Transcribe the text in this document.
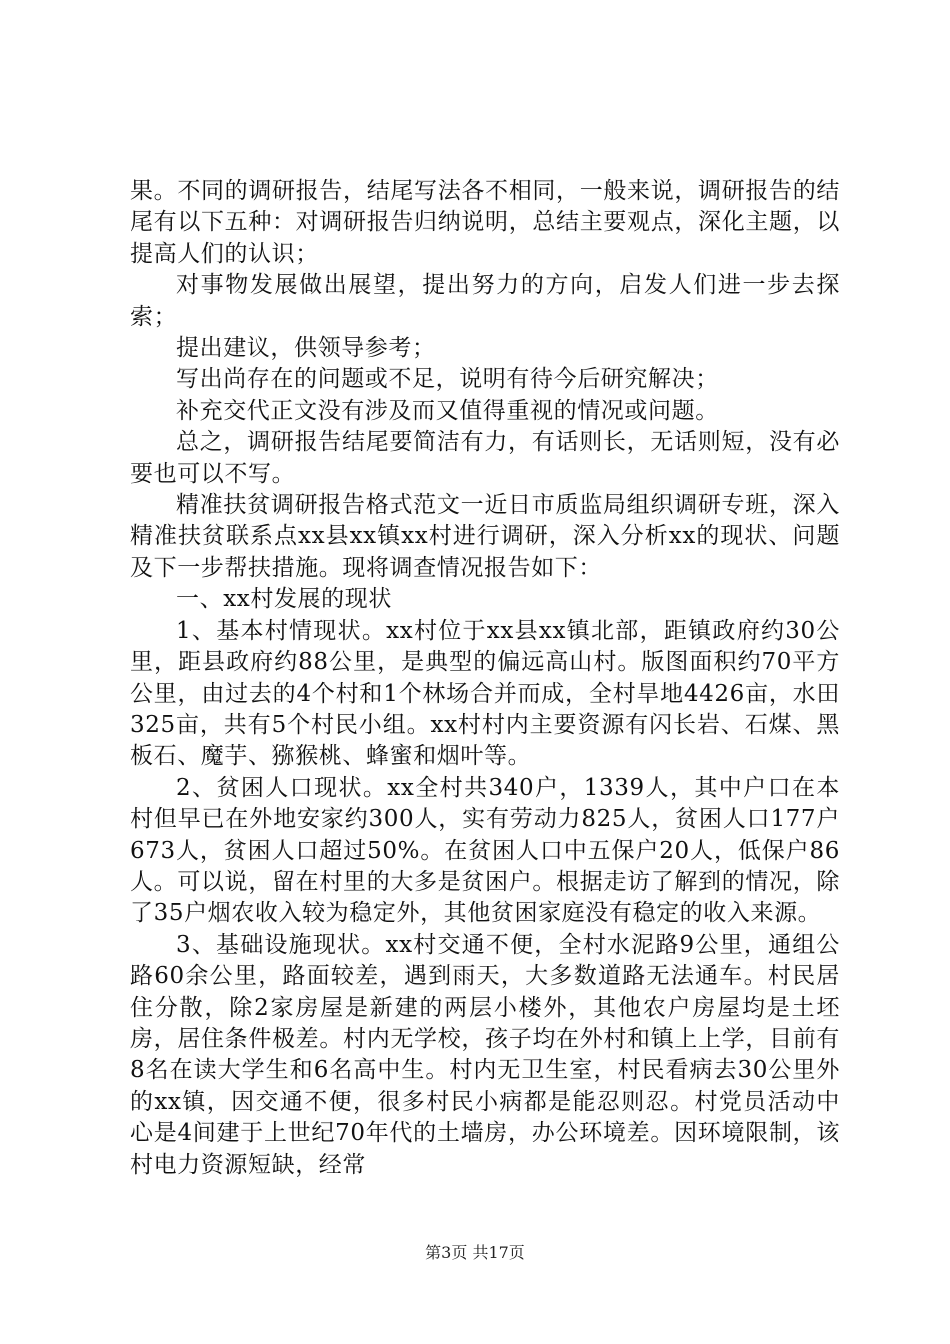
果。不同的调研报告，结尾写法各不相同，一般来说，调研报告的结尾有以下五种：对调研报告归纳说明，总结主要观点，深化主题，以提高人们的认识；

对事物发展做出展望，提出努力的方向，启发人们进一步去探索；

提出建议，供领导参考；

写出尚存在的问题或不足，说明有待今后研究解决；

补充交代正文没有涉及而又值得重视的情况或问题。

总之，调研报告结尾要简洁有力，有话则长，无话则短，没有必要也可以不写。

精准扶贫调研报告格式范文一近日市质监局组织调研专班，深入精准扶贫联系点xx县xx镇xx村进行调研，深入分析xx的现状、问题及下一步帮扶措施。现将调查情况报告如下：

一、xx村发展的现状

1、基本村情现状。xx村位于xx县xx镇北部，距镇政府约30公里，距县政府约88公里，是典型的偏远高山村。版图面积约70平方公里，由过去的4个村和1个林场合并而成，全村旱地4426亩，水田325亩，共有5个村民小组。xx村村内主要资源有闪长岩、石煤、黑板石、魔芋、猕猴桃、蜂蜜和烟叶等。

2、贫困人口现状。xx全村共340户，1339人，其中户口在本村但早已在外地安家约300人，实有劳动力825人，贫困人口177户673人，贫困人口超过50%。在贫困人口中五保户20人，低保户86人。可以说，留在村里的大多是贫困户。根据走访了解到的情况，除了35户烟农收入较为稳定外，其他贫困家庭没有稳定的收入来源。

3、基础设施现状。xx村交通不便，全村水泥路9公里，通组公路60余公里，路面较差，遇到雨天，大多数道路无法通车。村民居住分散，除2家房屋是新建的两层小楼外，其他农户房屋均是土坯房，居住条件极差。村内无学校，孩子均在外村和镇上上学，目前有8名在读大学生和6名高中生。村内无卫生室，村民看病去30公里外的xx镇，因交通不便，很多村民小病都是能忍则忍。村党员活动中心是4间建于上世纪70年代的土墙房，办公环境差。因环境限制，该村电力资源短缺，经常

第3页 共17页
